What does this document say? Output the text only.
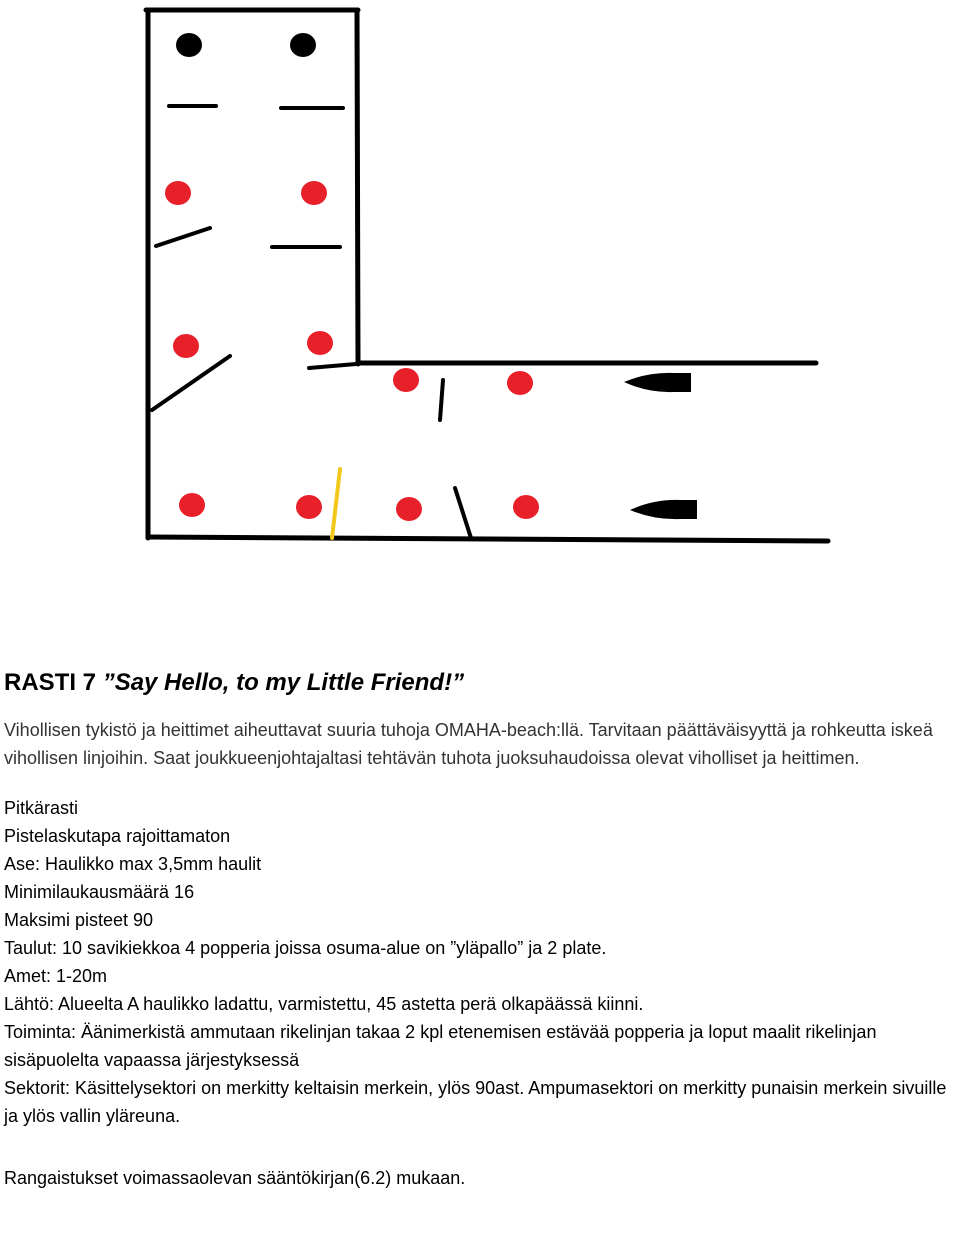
RASTI 7 ”Say Hello, to my Little Friend!”

Vihollisen tykistö ja heittimet aiheuttavat suuria tuhoja OMAHA-beach:llä. Tarvitaan päättäväisyyttä ja rohkeutta iskeä vihollisen linjoihin. Saat joukkueenjohtajaltasi tehtävän tuhota juoksuhaudoissa olevat viholliset ja heittimen.

Pitkärasti

Pistelaskutapa rajoittamaton

Ase: Haulikko max 3,5mm haulit

Minimilaukausmäärä 16

Maksimi pisteet 90

Taulut: 10 savikiekkoa 4 popperia joissa osuma-alue on ”yläpallo” ja 2 plate.

Amet: 1-20m

Lähtö: Alueelta A haulikko ladattu, varmistettu, 45 astetta perä olkapäässä kiinni.

Toiminta: Äänimerkistä ammutaan rikelinjan takaa 2 kpl etenemisen estävää popperia ja loput maalit rikelinjan sisäpuolelta vapaassa järjestyksessä

Sektorit: Käsittelysektori on merkitty keltaisin merkein, ylös 90ast. Ampumasektori on merkitty punaisin merkein sivuille ja ylös vallin yläreuna.

Rangaistukset voimassaolevan sääntökirjan(6.2) mukaan.
